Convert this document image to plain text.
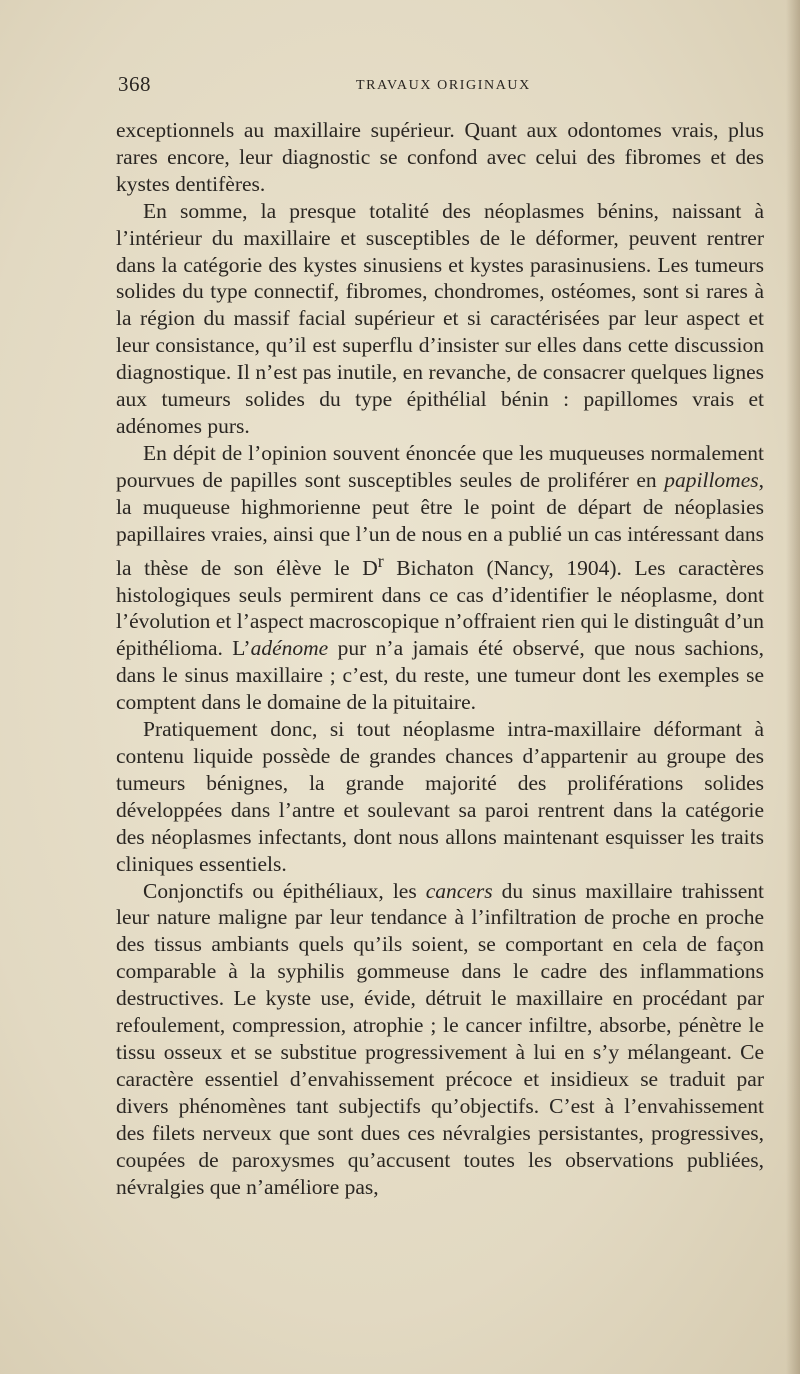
368	TRAVAUX ORIGINAUX

exceptionnels au maxillaire supérieur. Quant aux odontomes vrais, plus rares encore, leur diagnostic se confond avec celui des fibromes et des kystes dentifères.

En somme, la presque totalité des néoplasmes bénins, naissant à l’intérieur du maxillaire et susceptibles de le déformer, peuvent rentrer dans la catégorie des kystes sinusiens et kystes parasinusiens. Les tumeurs solides du type connectif, fibromes, chondromes, ostéomes, sont si rares à la région du massif facial supérieur et si caractérisées par leur aspect et leur consistance, qu’il est superflu d’insister sur elles dans cette discussion diagnostique. Il n’est pas inutile, en revanche, de consacrer quelques lignes aux tumeurs solides du type épithélial bénin : papillomes vrais et adénomes purs.

En dépit de l’opinion souvent énoncée que les muqueuses normalement pourvues de papilles sont susceptibles seules de proliférer en papillomes, la muqueuse highmorienne peut être le point de départ de néoplasies papillaires vraies, ainsi que l’un de nous en a publié un cas intéressant dans la thèse de son élève le $D^r$ Bichaton (Nancy, 1904). Les caractères histologiques seuls permirent dans ce cas d’identifier le néoplasme, dont l’évolution et l’aspect macroscopique n’offraient rien qui le distinguât d’un épithélioma. L’adénome pur n’a jamais été observé, que nous sachions, dans le sinus maxillaire ; c’est, du reste, une tumeur dont les exemples se comptent dans le domaine de la pituitaire.

Pratiquement donc, si tout néoplasme intra-maxillaire déformant à contenu liquide possède de grandes chances d’appartenir au groupe des tumeurs bénignes, la grande majorité des proliférations solides développées dans l’antre et soulevant sa paroi rentrent dans la catégorie des néoplasmes infectants, dont nous allons maintenant esquisser les traits cliniques essentiels.

Conjonctifs ou épithéliaux, les cancers du sinus maxillaire trahissent leur nature maligne par leur tendance à l’infiltration de proche en proche des tissus ambiants quels qu’ils soient, se comportant en cela de façon comparable à la syphilis gommeuse dans le cadre des inflammations destructives. Le kyste use, évide, détruit le maxillaire en procédant par refoulement, compression, atrophie ; le cancer infiltre, absorbe, pénètre le tissu osseux et se substitue progressivement à lui en s’y mélangeant. Ce caractère essentiel d’envahissement précoce et insidieux se traduit par divers phénomènes tant subjectifs qu’objectifs. C’est à l’envahissement des filets nerveux que sont dues ces névralgies persistantes, progressives, coupées de paroxysmes qu’accusent toutes les observations publiées, névralgies que n’améliore pas,
